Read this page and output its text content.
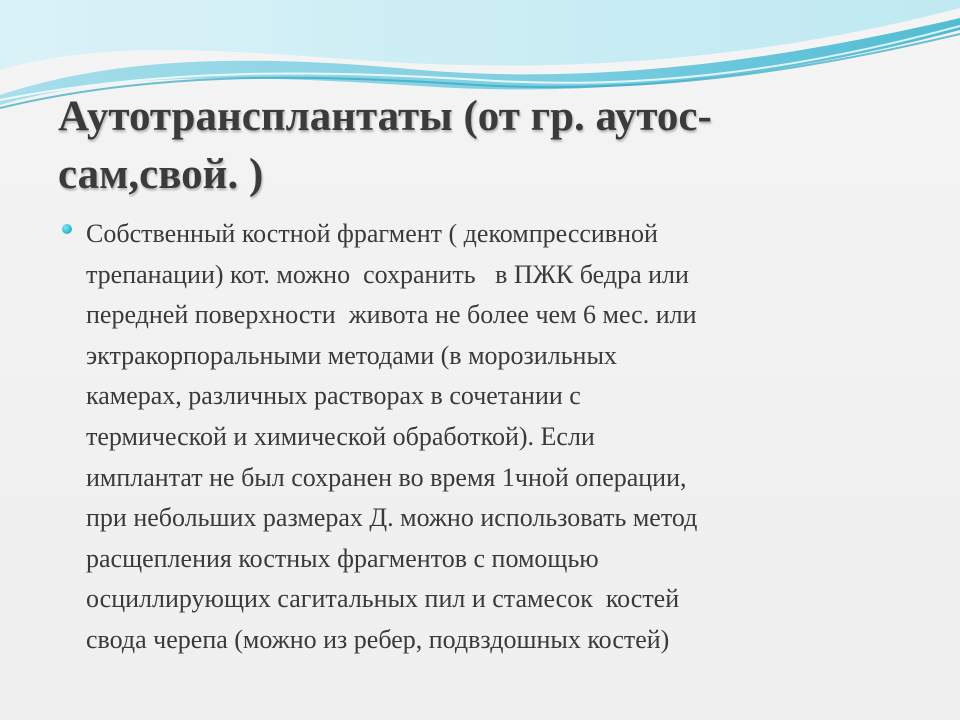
Аутотрансплантаты (от гр. аутос-
сам,свой. )
Собственный костной фрагмент ( декомпрессивной
трепанации) кот. можно  сохранить   в ПЖК бедра или
передней поверхности  живота не более чем 6 мес. или
эктракорпоральными методами (в морозильных
камерах, различных растворах в сочетании с
термической и химической обработкой). Если
имплантат не был сохранен во время 1чной операции,
при небольших размерах Д. можно использовать метод
расщепления костных фрагментов с помощью
осциллирующих сагитальных пил и стамесок  костей
свода черепа (можно из ребер, подвздошных костей)
